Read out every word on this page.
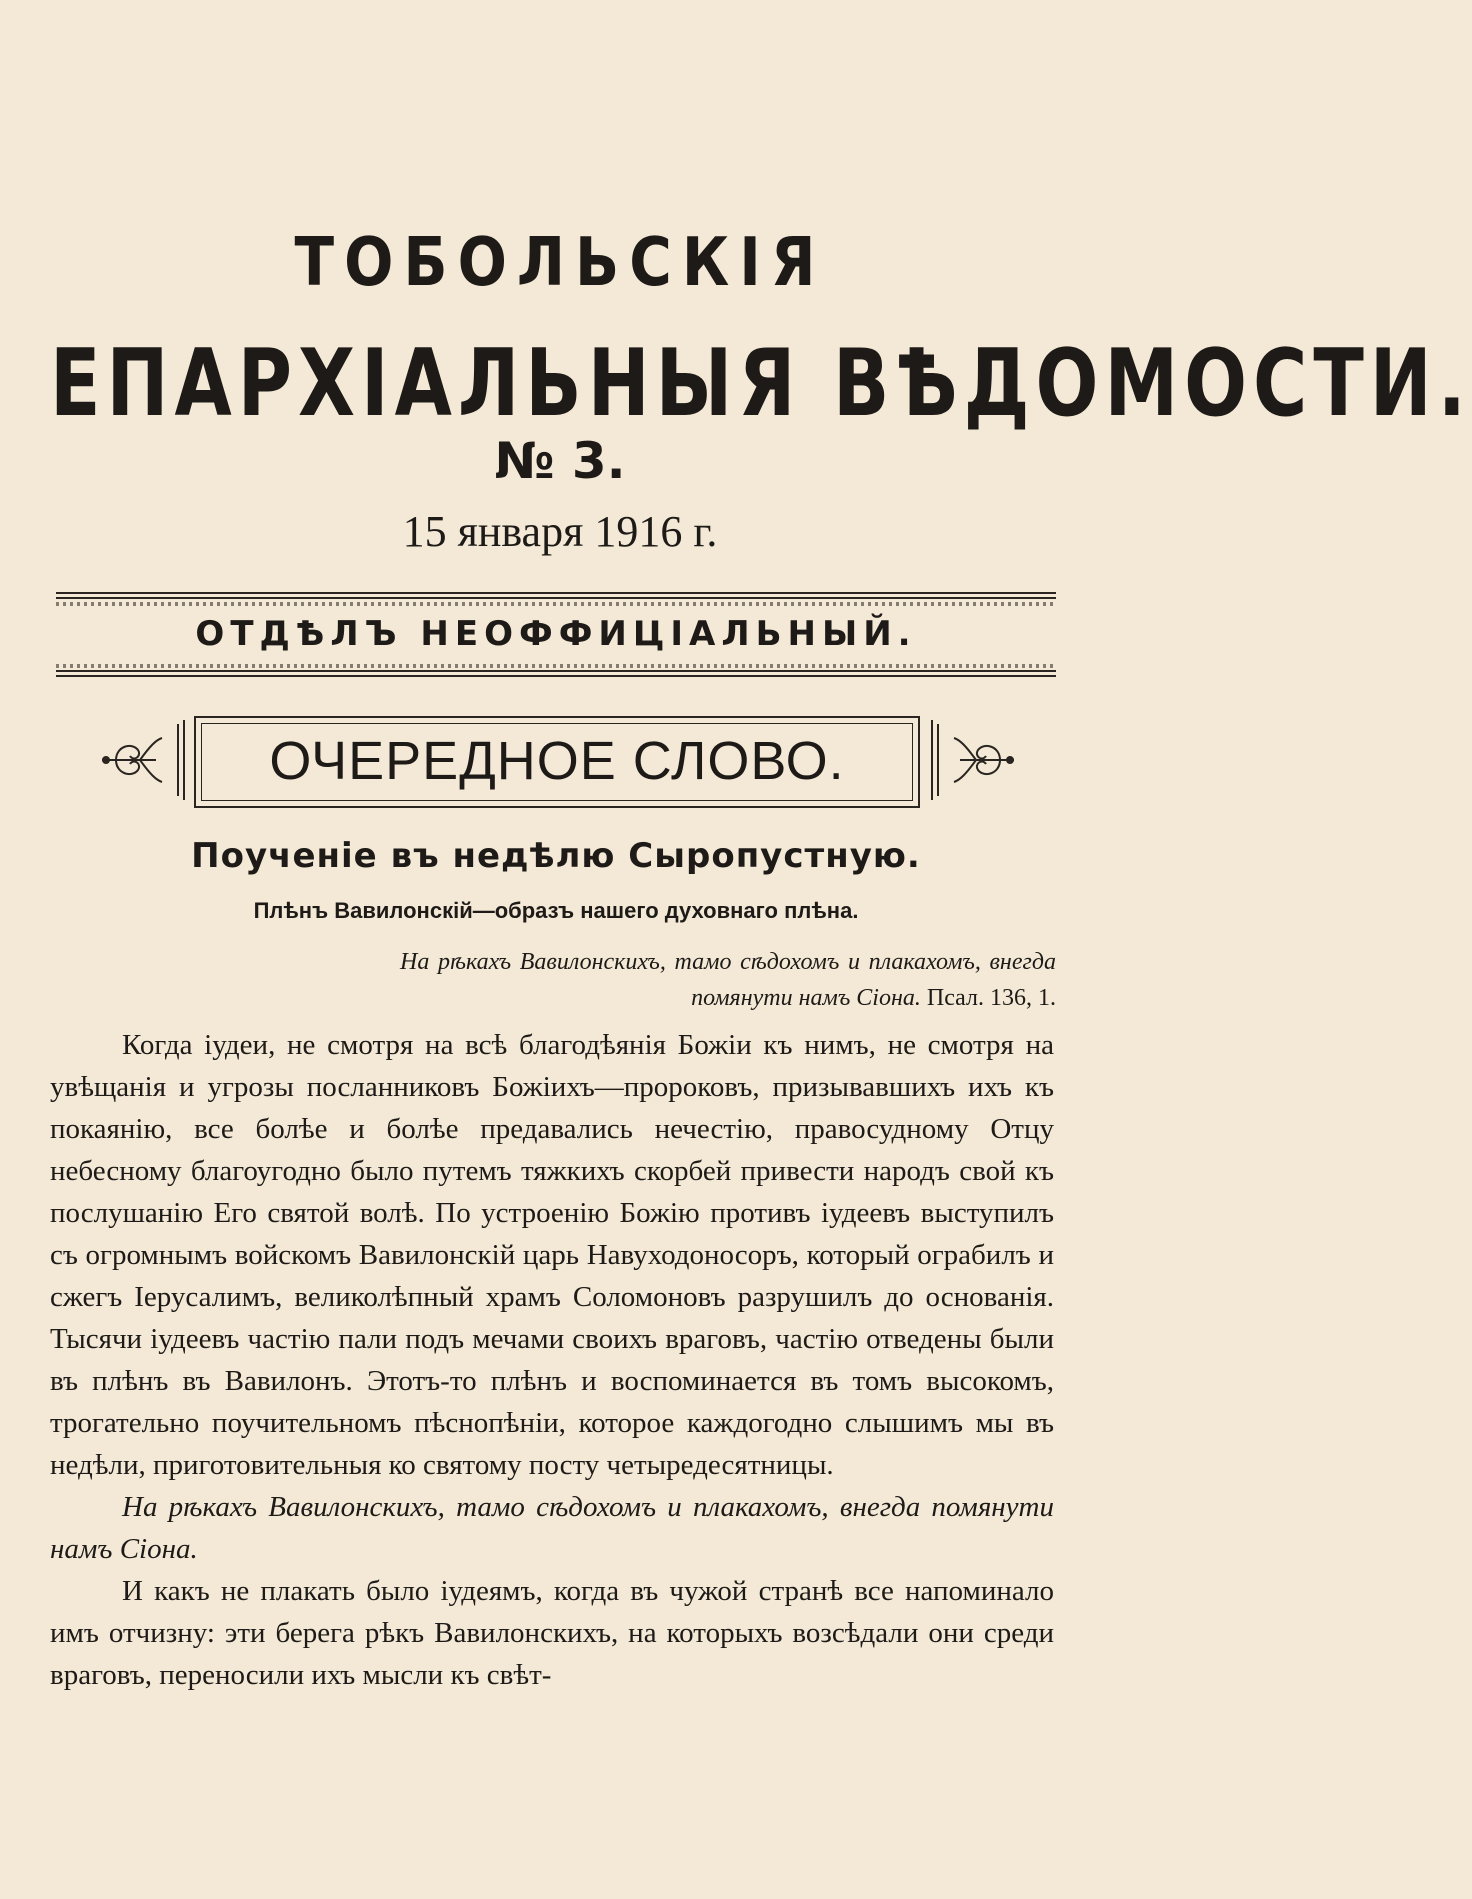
ТОБОЛЬСКІЯ
ЕПАРХІАЛЬНЫЯ ВѢДОМОСТИ.
№ 3.
15 января 1916 г.
ОТДѢЛЪ НЕОФФИЦІАЛЬНЫЙ.
ОЧЕРЕДНОЕ СЛОВО.
Поученіе въ недѣлю Сыропустную.
Плѣнъ Вавилонскій—образъ нашего духовнаго плѣна.
На рѣкахъ Вавилонскихъ, тамо сѣдохомъ и плакахомъ, внегда помянути намъ Сіона. Псал. 136, 1.

Когда іудеи, не смотря на всѣ благодѣянія Божіи къ нимъ, не смотря на увѣщанія и угрозы посланниковъ Божіихъ—пророковъ, призывавшихъ ихъ къ покаянію, все болѣе и болѣе предавались нечестію, правосудному Отцу небесному благоугодно было путемъ тяжкихъ скорбей привести народъ свой къ послушанію Его святой волѣ. По устроенію Божію противъ іудеевъ выступилъ съ огромнымъ войскомъ Вавилонскій царь Навуходоносоръ, который ограбилъ и сжегъ Іерусалимъ, великолѣпный храмъ Соломоновъ разрушилъ до основанія. Тысячи іудеевъ частію пали подъ мечами своихъ враговъ, частію отведены были въ плѣнъ въ Вавилонъ. Этотъ-то плѣнъ и воспоминается въ томъ высокомъ, трогательно поучительномъ пѣснопѣніи, которое каждогодно слышимъ мы въ недѣли, приготовительныя ко святому посту четыредесятницы.

На рѣкахъ Вавилонскихъ, тамо сѣдохомъ и плакахомъ, внегда помянути намъ Сіона.

И какъ не плакать было іудеямъ, когда въ чужой странѣ все напоминало имъ отчизну: эти берега рѣкъ Вавилонскихъ, на которыхъ возсѣдали они среди враговъ, переносили ихъ мысли къ свѣт-
